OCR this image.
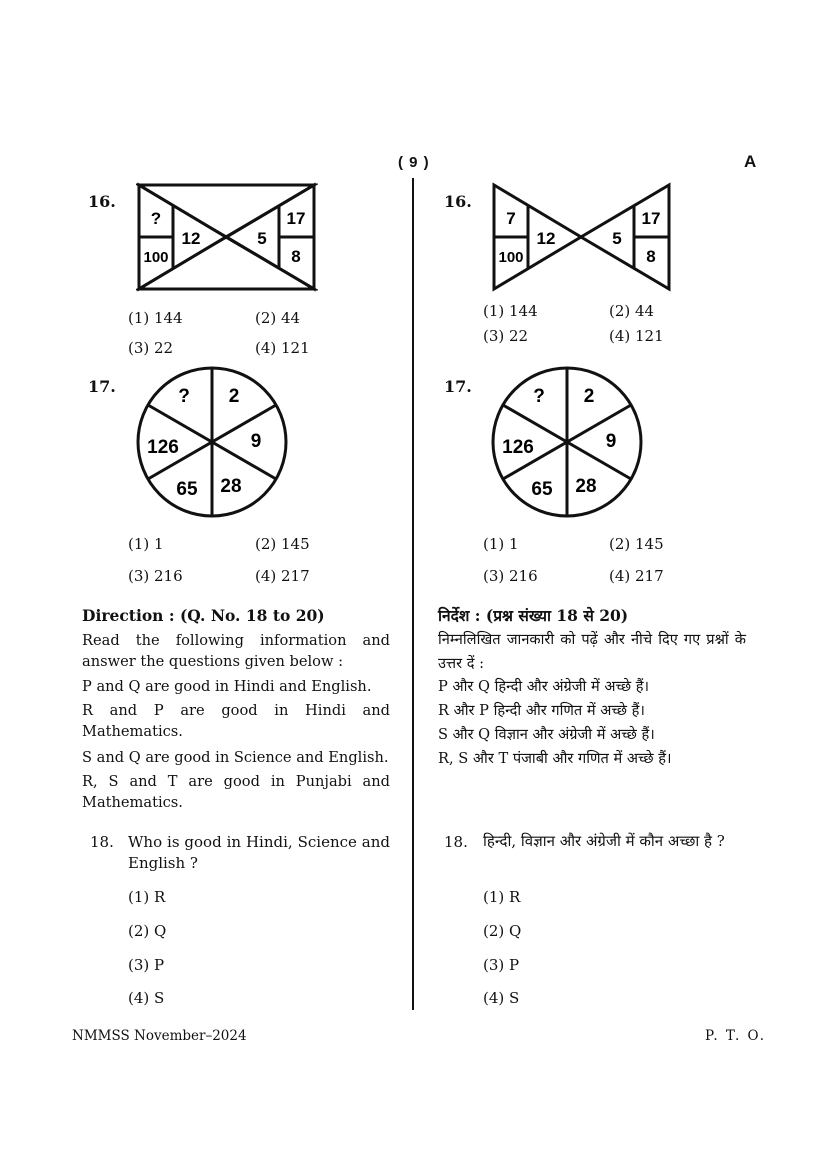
( 9 )	A
16.
?
100
12	5
17
8
(1) 144	(2) 44
(3) 22	(4) 121
17.	? 2
9
28
65
126
(1) 1	(2) 145
(3) 216	(4) 217
Direction : (Q. No. 18 to 20)
Read the following information and answer the questions given below :
P and Q are good in Hindi and English.
R and P are good in Hindi and Mathematics.
S and Q are good in Science and English.
R, S and T are good in Punjabi and Mathematics.
18. Who is good in Hindi, Science and English ?
(1) R
(2) Q
(3) P
(4) S
16.
7
100
12	5
17
8
(1) 144	(2) 44
(3) 22	(4) 121
17.	? 2
9
28
65
126
(1) 1	(2) 145
(3) 216	(4) 217
निर्देश : (प्रश्न संख्या 18 से 20)
निम्नलिखित जानकारी को पढ़ें और नीचे दिए गए प्रश्नों के उत्तर दें :
P और Q हिन्दी और अंग्रेजी में अच्छे हैं।
R और P हिन्दी और गणित में अच्छे हैं।
S और Q विज्ञान और अंग्रेजी में अच्छे हैं।
R, S और T पंजाबी और गणित में अच्छे हैं।
18. हिन्दी, विज्ञान और अंग्रेजी में कौन अच्छा है ?
(1) R
(2) Q
(3) P
(4) S
NMMSS November–2024	P. T. O.
